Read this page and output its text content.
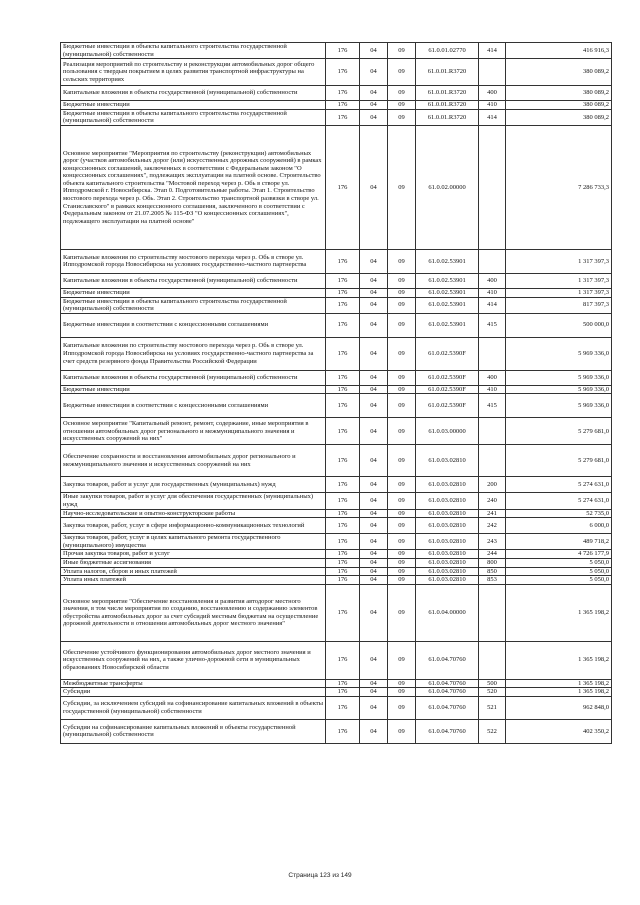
Бюджетные инвестиции в объекты капитального строительства государственной (муниципальной) собственности	176	04	09	61.0.01.02770	414	416 916,3
Реализация мероприятий по строительству и реконструкции автомобильных дорог общего пользования с твердым покрытием в целях развития транспортной инфраструктуры на сельских территориях	176	04	09	61.0.01.R3720		380 089,2
Капитальные вложения в объекты государственной (муниципальной) собственности	176	04	09	61.0.01.R3720	400	380 089,2
Бюджетные инвестиции	176	04	09	61.0.01.R3720	410	380 089,2
Бюджетные инвестиции в объекты капитального строительства государственной (муниципальной) собственности	176	04	09	61.0.01.R3720	414	380 089,2
Основное мероприятие "Мероприятия по строительству (реконструкции) автомобильных дорог (участков автомобильных дорог (или) искусственных дорожных сооружений) в рамках концессионных соглашений, заключенных в соответствии с Федеральным законом "О концессионных соглашениях", подлежащих эксплуатации на платной основе. Строительство объекта капитального строительства "Мостовой переход через р. Обь в створе ул. Ипподромской г. Новосибирска. Этап 0. Подготовительные работы. Этап 1. Строительство мостового перехода через р. Обь. Этап 2. Строительство транспортной развязки в створе ул. Станиславского" в рамках концессионного соглашения, заключенного в соответствии с Федеральным законом от 21.07.2005 № 115-ФЗ "О концессионных соглашениях", подлежащего эксплуатации на платной основе"	176	04	09	61.0.02.00000		7 286 733,3
Капитальные вложения по строительству мостового перехода через р. Обь в створе ул. Ипподромской города Новосибирска на условиях государственно-частного партнерства	176	04	09	61.0.02.53901		1 317 397,3
Капитальные вложения в объекты государственной (муниципальной) собственности	176	04	09	61.0.02.53901	400	1 317 397,3
Бюджетные инвестиции	176	04	09	61.0.02.53901	410	1 317 397,3
Бюджетные инвестиции в объекты капитального строительства государственной (муниципальной) собственности	176	04	09	61.0.02.53901	414	817 397,3
Бюджетные инвестиции в соответствии с концессионными соглашениями	176	04	09	61.0.02.53901	415	500 000,0
Капитальные вложения по строительству мостового перехода через р. Обь в створе ул. Ипподромской города Новосибирска на условиях государственно-частного партнерства за счет средств резервного фонда Правительства Российской Федерации	176	04	09	61.0.02.5390F		5 969 336,0
Капитальные вложения в объекты государственной (муниципальной) собственности	176	04	09	61.0.02.5390F	400	5 969 336,0
Бюджетные инвестиции	176	04	09	61.0.02.5390F	410	5 969 336,0
Бюджетные инвестиции в соответствии с концессионными соглашениями	176	04	09	61.0.02.5390F	415	5 969 336,0
Основное мероприятие "Капитальный ремонт, ремонт, содержание, иные мероприятия в отношении автомобильных дорог регионального и межмуниципального значения и искусственных сооружений на них"	176	04	09	61.0.03.00000		5 279 681,0
Обеспечение сохранности и восстановления автомобильных дорог регионального и межмуниципального значения и искусственных сооружений на них	176	04	09	61.0.03.02810		5 279 681,0
Закупка товаров, работ и услуг для государственных (муниципальных) нужд	176	04	09	61.0.03.02810	200	5 274 631,0
Иные закупки товаров, работ и услуг для обеспечения государственных (муниципальных) нужд	176	04	09	61.0.03.02810	240	5 274 631,0
Научно-исследовательские и опытно-конструкторские работы	176	04	09	61.0.03.02810	241	52 735,0
Закупка товаров, работ, услуг в сфере информационно-коммуникационных технологий	176	04	09	61.0.03.02810	242	6 000,0
Закупка товаров, работ, услуг в целях капитального ремонта государственного (муниципального) имущества	176	04	09	61.0.03.02810	243	489 718,2
Прочая закупка товаров, работ и услуг	176	04	09	61.0.03.02810	244	4 726 177,9
Иные бюджетные ассигнования	176	04	09	61.0.03.02810	800	5 050,0
Уплата налогов, сборов и иных платежей	176	04	09	61.0.03.02810	850	5 050,0
Уплата иных платежей	176	04	09	61.0.03.02810	853	5 050,0
Основное мероприятие "Обеспечение восстановления и развития автодорог местного значения, в том числе мероприятия по созданию, восстановлению и содержанию элементов обустройства автомобильных дорог за счет субсидий местным бюджетам на осуществление дорожной деятельности в отношении автомобильных дорог местного значения"	176	04	09	61.0.04.00000		1 365 198,2
Обеспечение устойчивого функционирования автомобильных дорог местного значения и искусственных сооружений на них, а также улично-дорожной сети в муниципальных образованиях Новосибирской области	176	04	09	61.0.04.70760		1 365 198,2
Межбюджетные трансферты	176	04	09	61.0.04.70760	500	1 365 198,2
Субсидии	176	04	09	61.0.04.70760	520	1 365 198,2
Субсидии, за исключением субсидий на софинансирование капитальных вложений в объекты государственной (муниципальной) собственности	176	04	09	61.0.04.70760	521	962 848,0
Субсидии на софинансирование капитальных вложений в объекты государственной (муниципальной) собственности	176	04	09	61.0.04.70760	522	402 350,2
Страница 123 из 149
